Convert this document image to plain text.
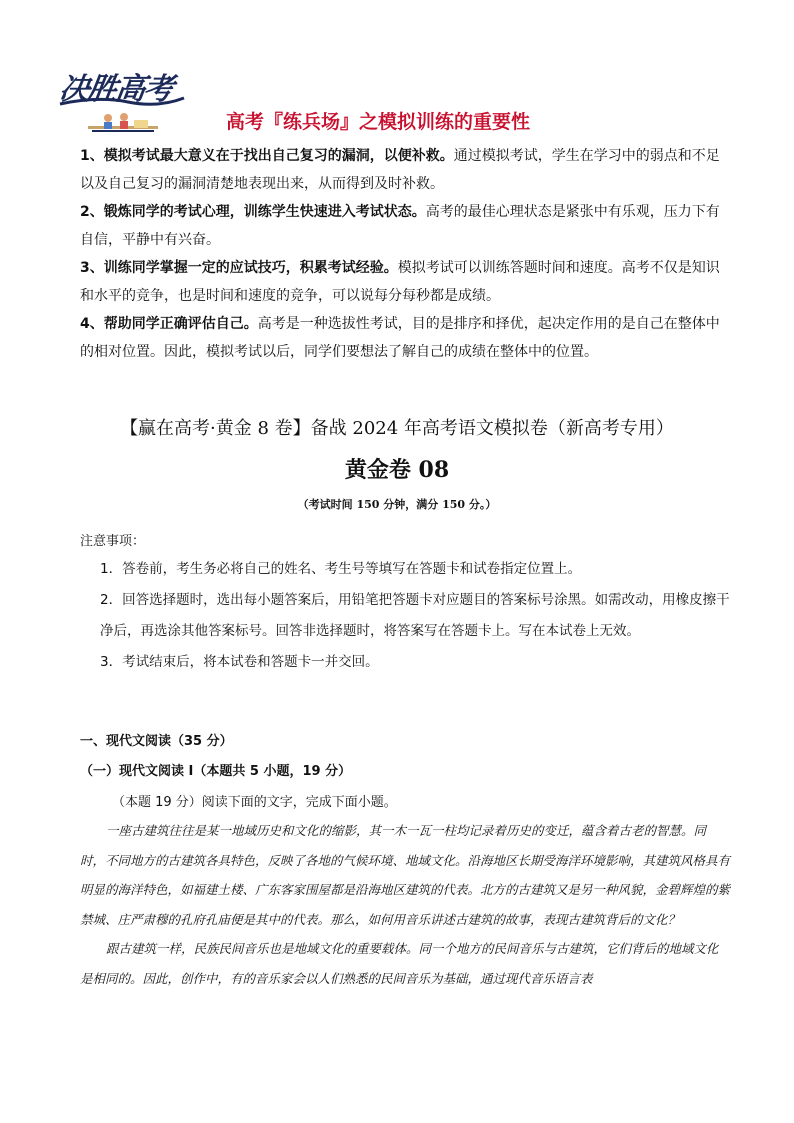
决胜高考
高考『练兵场』之模拟训练的重要性

1、模拟考试最大意义在于找出自己复习的漏洞，以便补救。通过模拟考试，学生在学习中的弱点和不足以及自己复习的漏洞清楚地表现出来，从而得到及时补救。

2、锻炼同学的考试心理，训练学生快速进入考试状态。高考的最佳心理状态是紧张中有乐观，压力下有自信，平静中有兴奋。

3、训练同学掌握一定的应试技巧，积累考试经验。模拟考试可以训练答题时间和速度。高考不仅是知识和水平的竞争，也是时间和速度的竞争，可以说每分每秒都是成绩。

4、帮助同学正确评估自己。高考是一种选拔性考试，目的是排序和择优，起决定作用的是自己在整体中的相对位置。因此，模拟考试以后，同学们要想法了解自己的成绩在整体中的位置。

【赢在高考·黄金 8 卷】备战 2024 年高考语文模拟卷（新高考专用）
黄金卷 08
（考试时间 150 分钟，满分 150 分。）
注意事项：

1．答卷前，考生务必将自己的姓名、考生号等填写在答题卡和试卷指定位置上。

2．回答选择题时，选出每小题答案后，用铅笔把答题卡对应题目的答案标号涂黑。如需改动，用橡皮擦干净后，再选涂其他答案标号。回答非选择题时，将答案写在答题卡上。写在本试卷上无效。

3．考试结束后，将本试卷和答题卡一并交回。

一、现代文阅读（35 分）
（一）现代文阅读 Ⅰ（本题共 5 小题，19 分）
（本题 19 分）阅读下面的文字，完成下面小题。

一座古建筑往往是某一地域历史和文化的缩影，其一木一瓦一柱均记录着历史的变迁，蕴含着古老的智慧。同时，不同地方的古建筑各具特色，反映了各地的气候环境、地域文化。沿海地区长期受海洋环境影响，其建筑风格具有明显的海洋特色，如福建土楼、广东客家围屋都是沿海地区建筑的代表。北方的古建筑又是另一种风貌，金碧辉煌的紫禁城、庄严肃穆的孔府孔庙便是其中的代表。那么，如何用音乐讲述古建筑的故事，表现古建筑背后的文化？

跟古建筑一样，民族民间音乐也是地域文化的重要载体。同一个地方的民间音乐与古建筑，它们背后的地域文化是相同的。因此，创作中，有的音乐家会以人们熟悉的民间音乐为基础，通过现代音乐语言表
